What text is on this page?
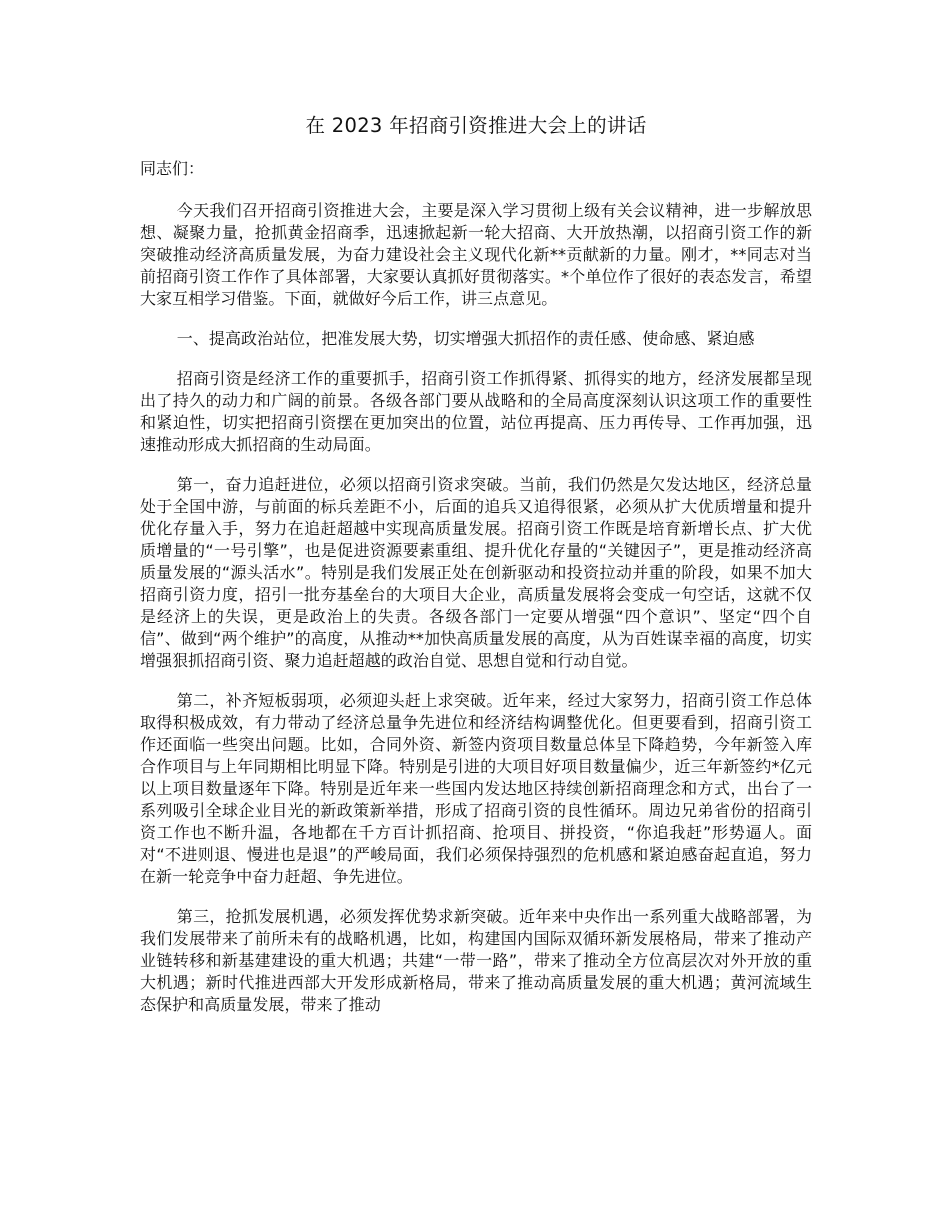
在 2023 年招商引资推进大会上的讲话

同志们：

今天我们召开招商引资推进大会，主要是深入学习贯彻上级有关会议精神，进一步解放思想、凝聚力量，抢抓黄金招商季，迅速掀起新一轮大招商、大开放热潮，以招商引资工作的新突破推动经济高质量发展，为奋力建设社会主义现代化新**贡献新的力量。刚才，**同志对当前招商引资工作作了具体部署，大家要认真抓好贯彻落实。*个单位作了很好的表态发言，希望大家互相学习借鉴。下面，就做好今后工作，讲三点意见。

一、提高政治站位，把准发展大势，切实增强大抓招作的责任感、使命感、紧迫感

招商引资是经济工作的重要抓手，招商引资工作抓得紧、抓得实的地方，经济发展都呈现出了持久的动力和广阔的前景。各级各部门要从战略和的全局高度深刻认识这项工作的重要性和紧迫性，切实把招商引资摆在更加突出的位置，站位再提高、压力再传导、工作再加强，迅速推动形成大抓招商的生动局面。

第一，奋力追赶进位，必须以招商引资求突破。当前，我们仍然是欠发达地区，经济总量处于全国中游，与前面的标兵差距不小，后面的追兵又追得很紧，必须从扩大优质增量和提升优化存量入手，努力在追赶超越中实现高质量发展。招商引资工作既是培育新增长点、扩大优质增量的“一号引擎”，也是促进资源要素重组、提升优化存量的“关键因子”，更是推动经济高质量发展的“源头活水”。特别是我们发展正处在创新驱动和投资拉动并重的阶段，如果不加大招商引资力度，招引一批夯基垒台的大项目大企业，高质量发展将会变成一句空话，这就不仅是经济上的失误，更是政治上的失责。各级各部门一定要从增强“四个意识”、坚定“四个自信”、做到“两个维护”的高度，从推动**加快高质量发展的高度，从为百姓谋幸福的高度，切实增强狠抓招商引资、聚力追赶超越的政治自觉、思想自觉和行动自觉。

第二，补齐短板弱项，必须迎头赶上求突破。近年来，经过大家努力，招商引资工作总体取得积极成效，有力带动了经济总量争先进位和经济结构调整优化。但更要看到，招商引资工作还面临一些突出问题。比如，合同外资、新签内资项目数量总体呈下降趋势，今年新签入库合作项目与上年同期相比明显下降。特别是引进的大项目好项目数量偏少，近三年新签约*亿元以上项目数量逐年下降。特别是近年来一些国内发达地区持续创新招商理念和方式，出台了一系列吸引全球企业目光的新政策新举措，形成了招商引资的良性循环。周边兄弟省份的招商引资工作也不断升温，各地都在千方百计抓招商、抢项目、拼投资，“你追我赶”形势逼人。面对“不进则退、慢进也是退”的严峻局面，我们必须保持强烈的危机感和紧迫感奋起直追，努力在新一轮竞争中奋力赶超、争先进位。

第三，抢抓发展机遇，必须发挥优势求新突破。近年来中央作出一系列重大战略部署，为我们发展带来了前所未有的战略机遇，比如，构建国内国际双循环新发展格局，带来了推动产业链转移和新基建建设的重大机遇；共建“一带一路”，带来了推动全方位高层次对外开放的重大机遇；新时代推进西部大开发形成新格局，带来了推动高质量发展的重大机遇；黄河流域生态保护和高质量发展，带来了推动
